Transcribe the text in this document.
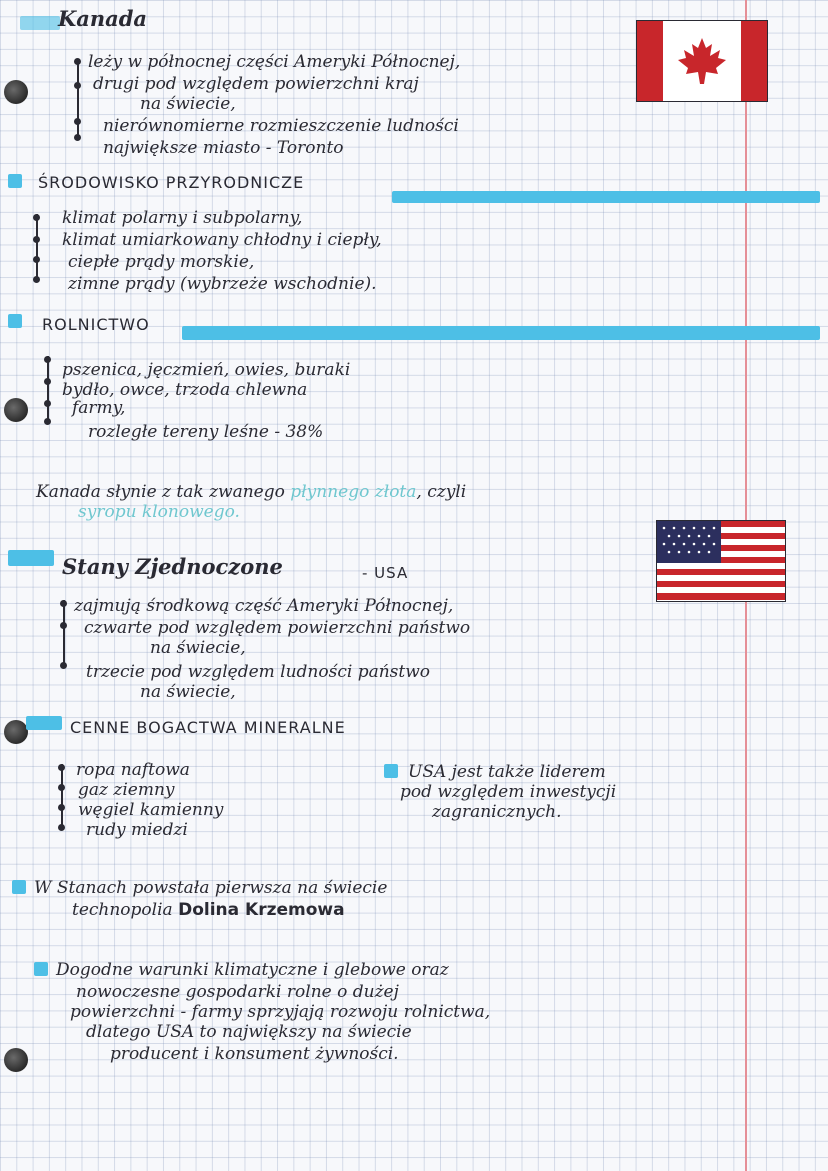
Kanada
leży w północnej części Ameryki Północnej,
drugi pod względem powierzchni kraj
na świecie,
nierównomierne rozmieszczenie ludności
największe miasto - Toronto
ŚRODOWISKO PRZYRODNICZE
klimat polarny i subpolarny,
klimat umiarkowany chłodny i ciepły,
ciepłe prądy morskie,
zimne prądy (wybrzeże wschodnie).
ROLNICTWO
pszenica, jęczmień, owies, buraki
bydło, owce, trzoda chlewna
farmy,
rozległe tereny leśne - 38%
Kanada słynie z tak zwanego płynnego złota, czyli
syropu klonowego.
Stany Zjednoczone	- USA
zajmują środkową część Ameryki Północnej,
czwarte pod względem powierzchni państwo
na świecie,
trzecie pod względem ludności państwo
na świecie,
CENNE BOGACTWA MINERALNE
ropa naftowa
gaz ziemny
węgiel kamienny
rudy miedzi
USA jest także liderem
pod względem inwestycji
zagranicznych.
W Stanach powstała pierwsza na świecie
technopolia Dolina Krzemowa
Dogodne warunki klimatyczne i glebowe oraz
nowoczesne gospodarki rolne o dużej
powierzchni - farmy sprzyjają rozwoju rolnictwa,
dlatego USA to największy na świecie
producent i konsument żywności.
